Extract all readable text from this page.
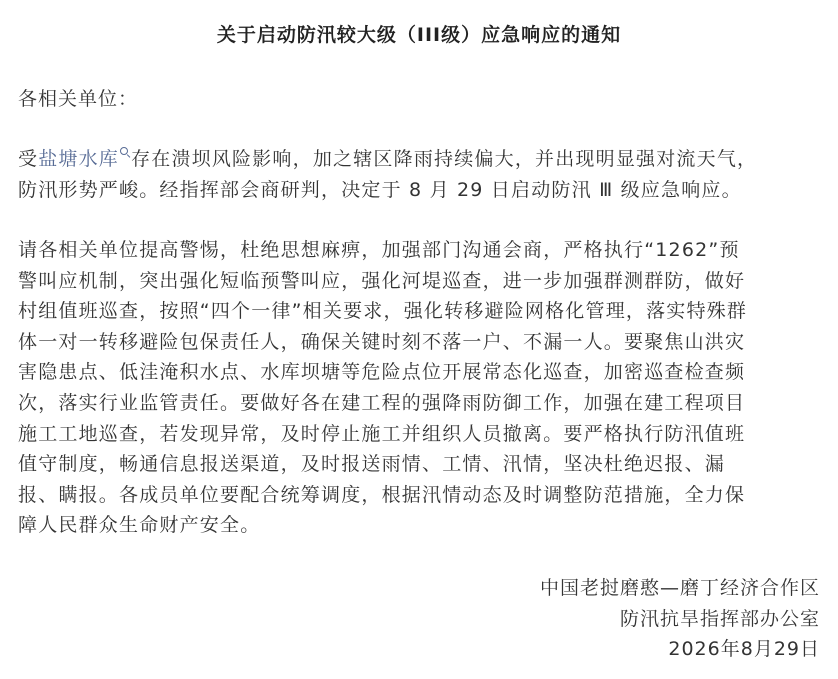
关于启动防汛较大级（III级）应急响应的通知
各相关单位：
受盐塘水库 存在溃坝风险影响，加之辖区降雨持续偏大，并出现明显强对流天气，
防汛形势严峻。经指挥部会商研判，决定于 8 月 29 日启动防汛 Ⅲ 级应急响应。
请各相关单位提高警惕，杜绝思想麻痹，加强部门沟通会商，严格执行“1262”预
警叫应机制，突出强化短临预警叫应，强化河堤巡查，进一步加强群测群防，做好
村组值班巡查，按照“四个一律”相关要求，强化转移避险网格化管理，落实特殊群
体一对一转移避险包保责任人，确保关键时刻不落一户、不漏一人。要聚焦山洪灾
害隐患点、低洼淹积水点、水库坝塘等危险点位开展常态化巡查，加密巡查检查频
次，落实行业监管责任。要做好各在建工程的强降雨防御工作，加强在建工程项目
施工工地巡查，若发现异常，及时停止施工并组织人员撤离。要严格执行防汛值班
值守制度，畅通信息报送渠道，及时报送雨情、工情、汛情，坚决杜绝迟报、漏
报、瞒报。各成员单位要配合统筹调度，根据汛情动态及时调整防范措施，全力保
障人民群众生命财产安全。
中国老挝磨憨—磨丁经济合作区
防汛抗旱指挥部办公室
2026年8月29日
